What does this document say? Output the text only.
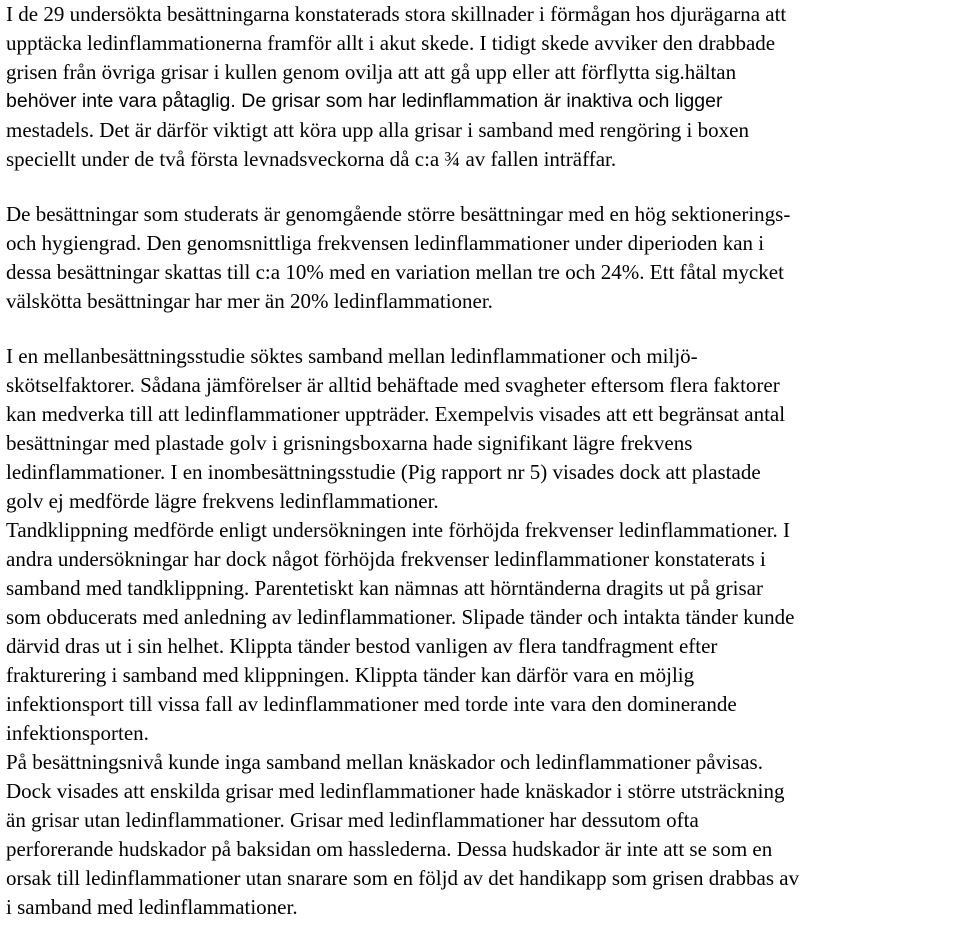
I de 29 undersökta besättningarna konstaterads stora skillnader i förmågan hos djurägarna att
upptäcka ledinflammationerna framför allt i akut skede. I tidigt skede avviker den drabbade
grisen från övriga grisar i kullen genom ovilja att att gå upp eller att förflytta sig.hältan
behöver inte vara påtaglig. De grisar som har ledinflammation är inaktiva och ligger
mestadels. Det är därför viktigt att köra upp alla grisar i samband med rengöring i boxen
speciellt under de två första levnadsveckorna då c:a ¾ av fallen inträffar.
De besättningar som studerats är genomgående större besättningar med en hög sektionerings-
och hygiengrad. Den genomsnittliga frekvensen ledinflammationer under diperioden kan i
dessa besättningar skattas till c:a 10% med en variation mellan tre och 24%. Ett fåtal mycket
välskötta besättningar har mer än 20% ledinflammationer.
I en mellanbesättningsstudie söktes samband mellan ledinflammationer och miljö-
skötselfaktorer. Sådana jämförelser är alltid behäftade med svagheter eftersom flera faktorer
kan medverka till att ledinflammationer uppträder. Exempelvis visades att ett begränsat antal
besättningar med plastade golv i grisningsboxarna hade signifikant lägre frekvens
ledinflammationer. I en inombesättningsstudie (Pig rapport nr 5) visades dock att plastade
golv ej medförde lägre frekvens ledinflammationer.
Tandklippning medförde enligt undersökningen inte förhöjda frekvenser ledinflammationer. I
andra undersökningar har dock något förhöjda frekvenser ledinflammationer konstaterats i
samband med tandklippning. Parentetiskt kan nämnas att hörntänderna dragits ut på grisar
som obducerats med anledning av ledinflammationer. Slipade tänder och intakta tänder kunde
därvid dras ut i sin helhet. Klippta tänder bestod vanligen av flera tandfragment efter
frakturering i samband med klippningen. Klippta tänder kan därför vara en möjlig
infektionsport till vissa fall av ledinflammationer med torde inte vara den dominerande
infektionsporten.
På besättningsnivå kunde inga samband mellan knäskador och ledinflammationer påvisas.
Dock visades att enskilda grisar med ledinflammationer hade knäskador i större utsträckning
än grisar utan ledinflammationer. Grisar med ledinflammationer har dessutom ofta
perforerande hudskador på baksidan om hasslederna. Dessa hudskador är inte att se som en
orsak till ledinflammationer utan snarare som en följd av det handikapp som grisen drabbas av
i samband med ledinflammationer.
